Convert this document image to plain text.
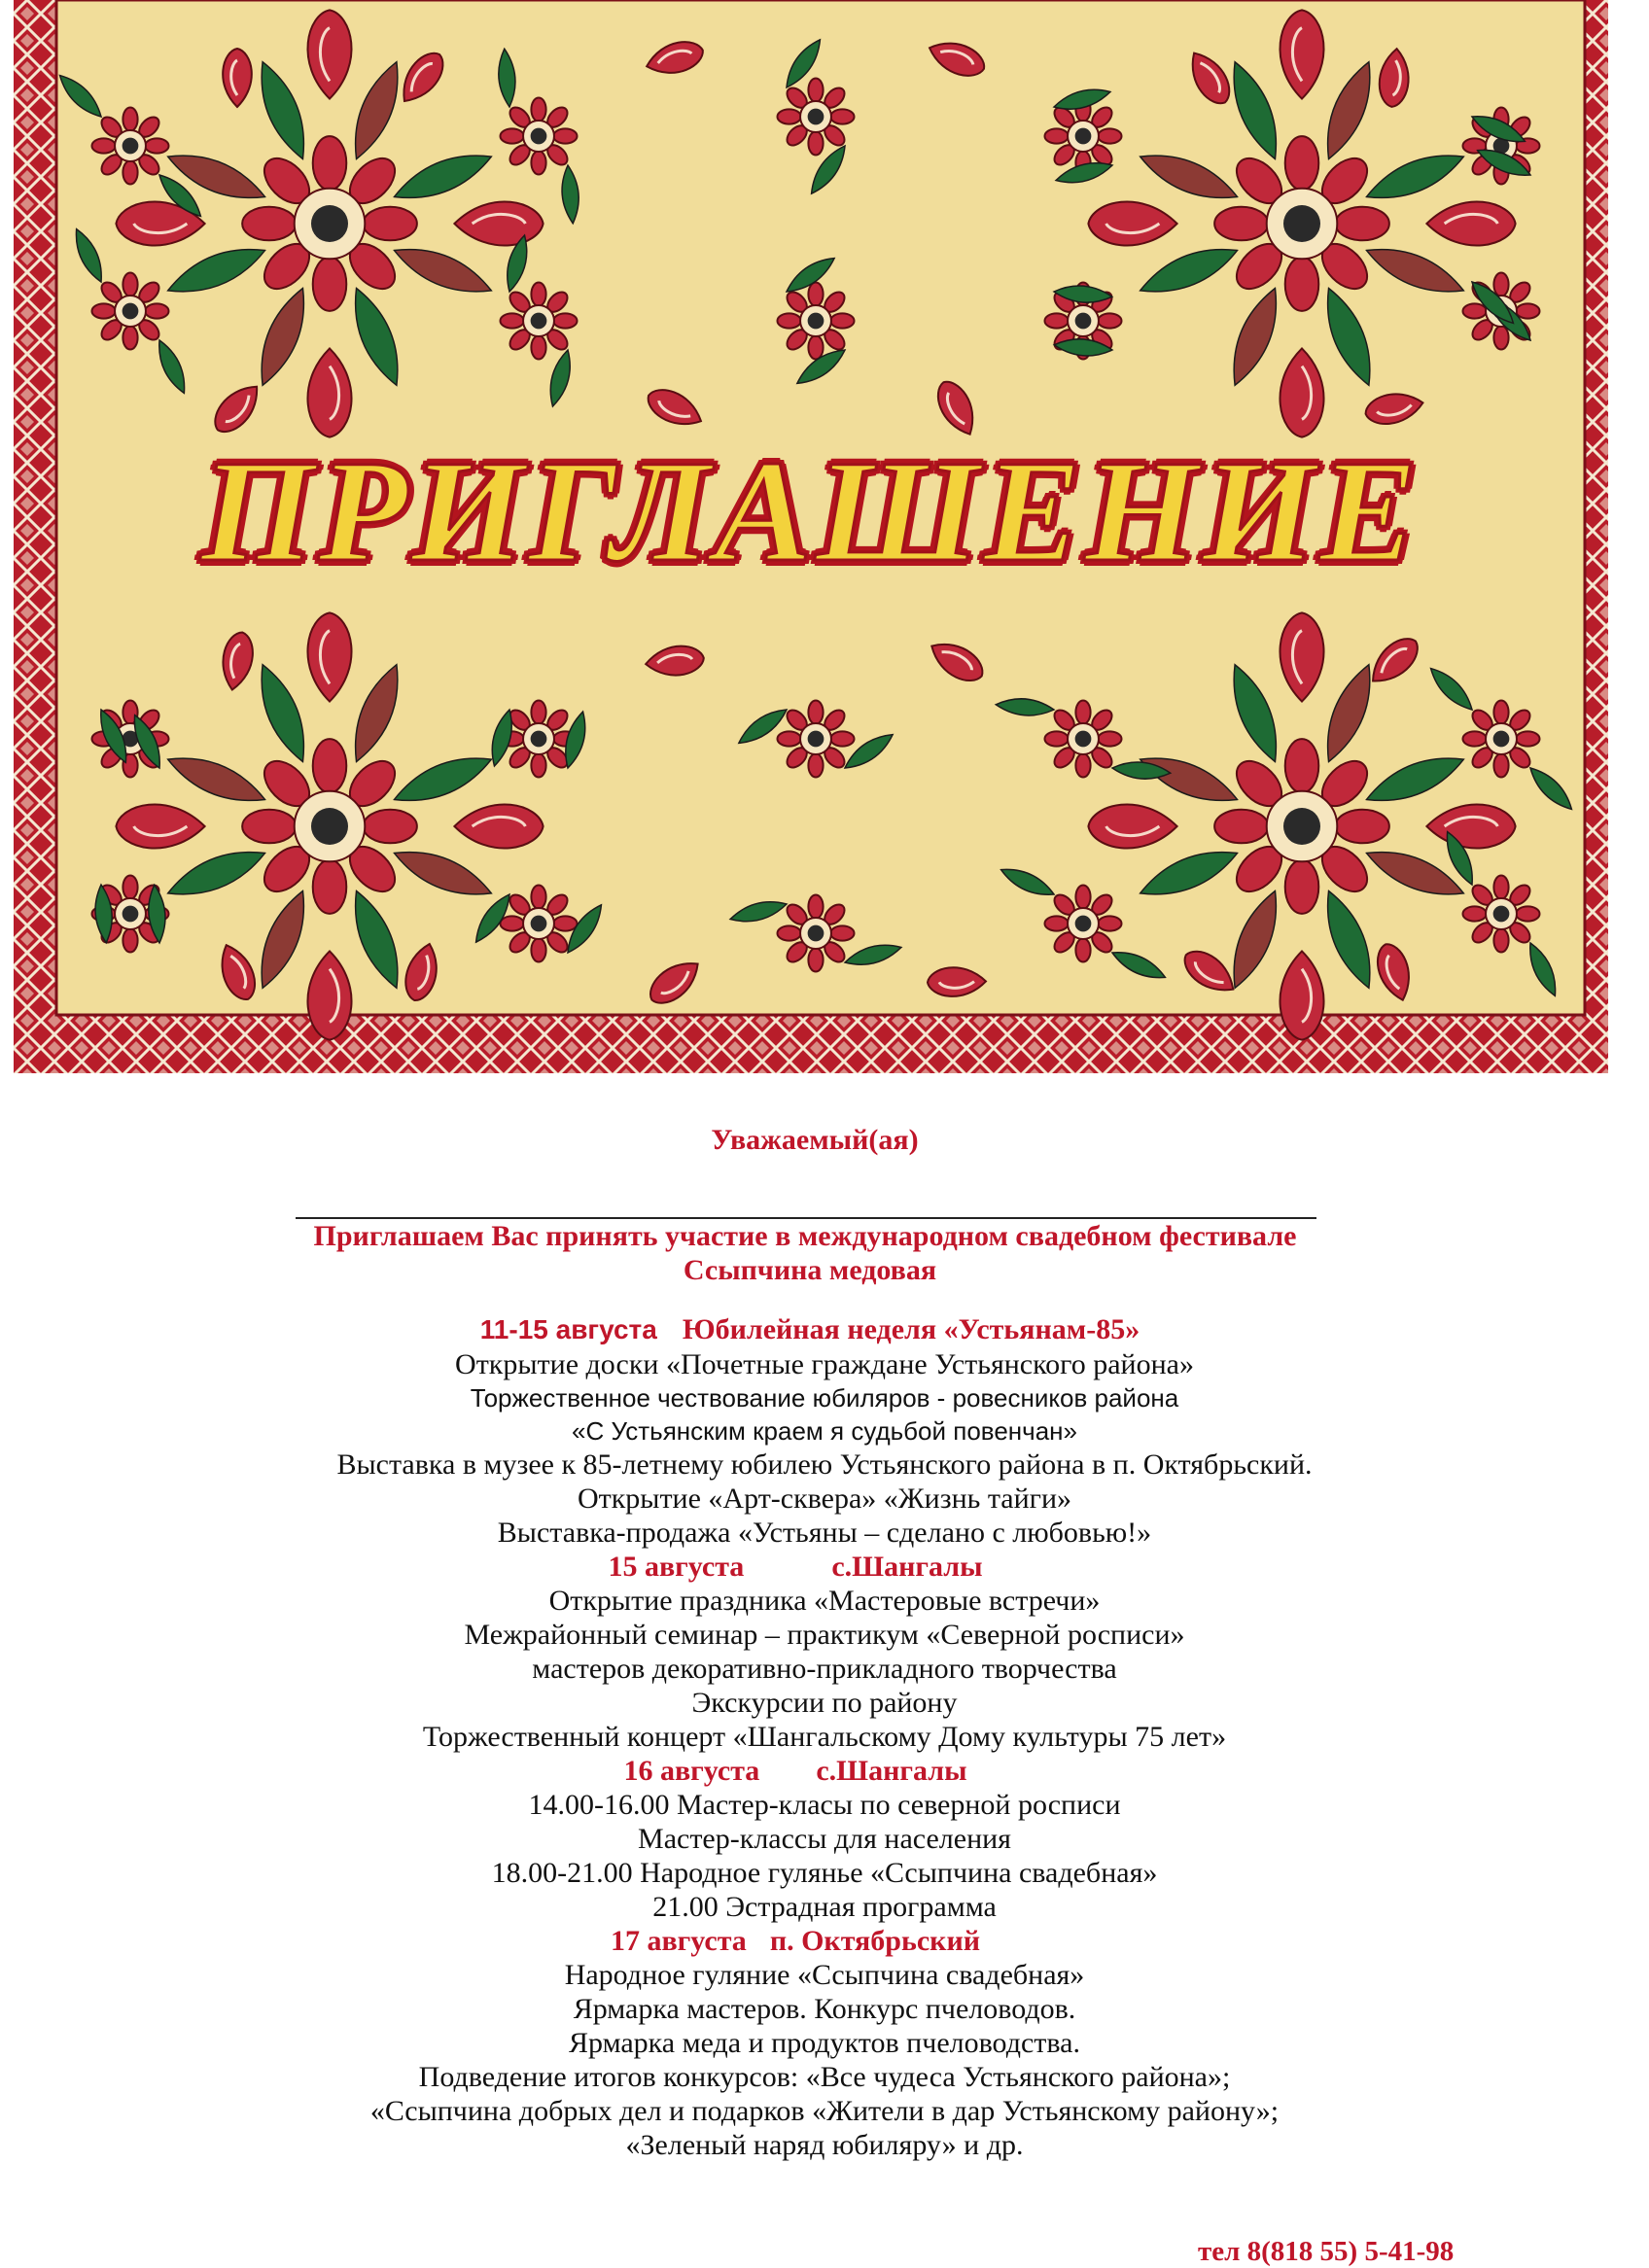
ПРИГЛАШЕНИЕ
Уважаемый(ая)
Приглашаем Вас принять участие в международном свадебном фестивале
Ссыпчина медовая
11-15 августа Юбилейная неделя «Устьянам-85»
Открытие доски «Почетные граждане Устьянского района»
Торжественное чествование юбиляров - ровесников района
«С Устьянским краем я судьбой повенчан»
Выставка в музее к 85-летнему юбилею Устьянского района в п. Октябрьский.
Открытие «Арт-сквера» «Жизнь тайги»
Выставка-продажа «Устьяны – сделано с любовью!»
15 августа	с.Шангалы
Открытие праздника «Мастеровые встречи»
Межрайонный семинар – практикум «Северной росписи»
мастеров декоративно-прикладного творчества
Экскурсии по району
Торжественный концерт «Шангальскому Дому культуры 75 лет»
16 августа с.Шангалы
14.00-16.00 Мастер-класы по северной росписи
Мастер-классы для населения
18.00-21.00 Народное гулянье «Ссыпчина свадебная»
21.00 Эстрадная программа
17 августа п. Октябрьский
Народное гуляние «Ссыпчина свадебная»
Ярмарка мастеров. Конкурс пчеловодов.
Ярмарка меда и продуктов пчеловодства.
Подведение итогов конкурсов: «Все чудеса Устьянского района»;
«Ссыпчина добрых дел и подарков «Жители в дар Устьянскому району»;
«Зеленый наряд юбиляру» и др.
тел 8(818 55) 5-41-98
